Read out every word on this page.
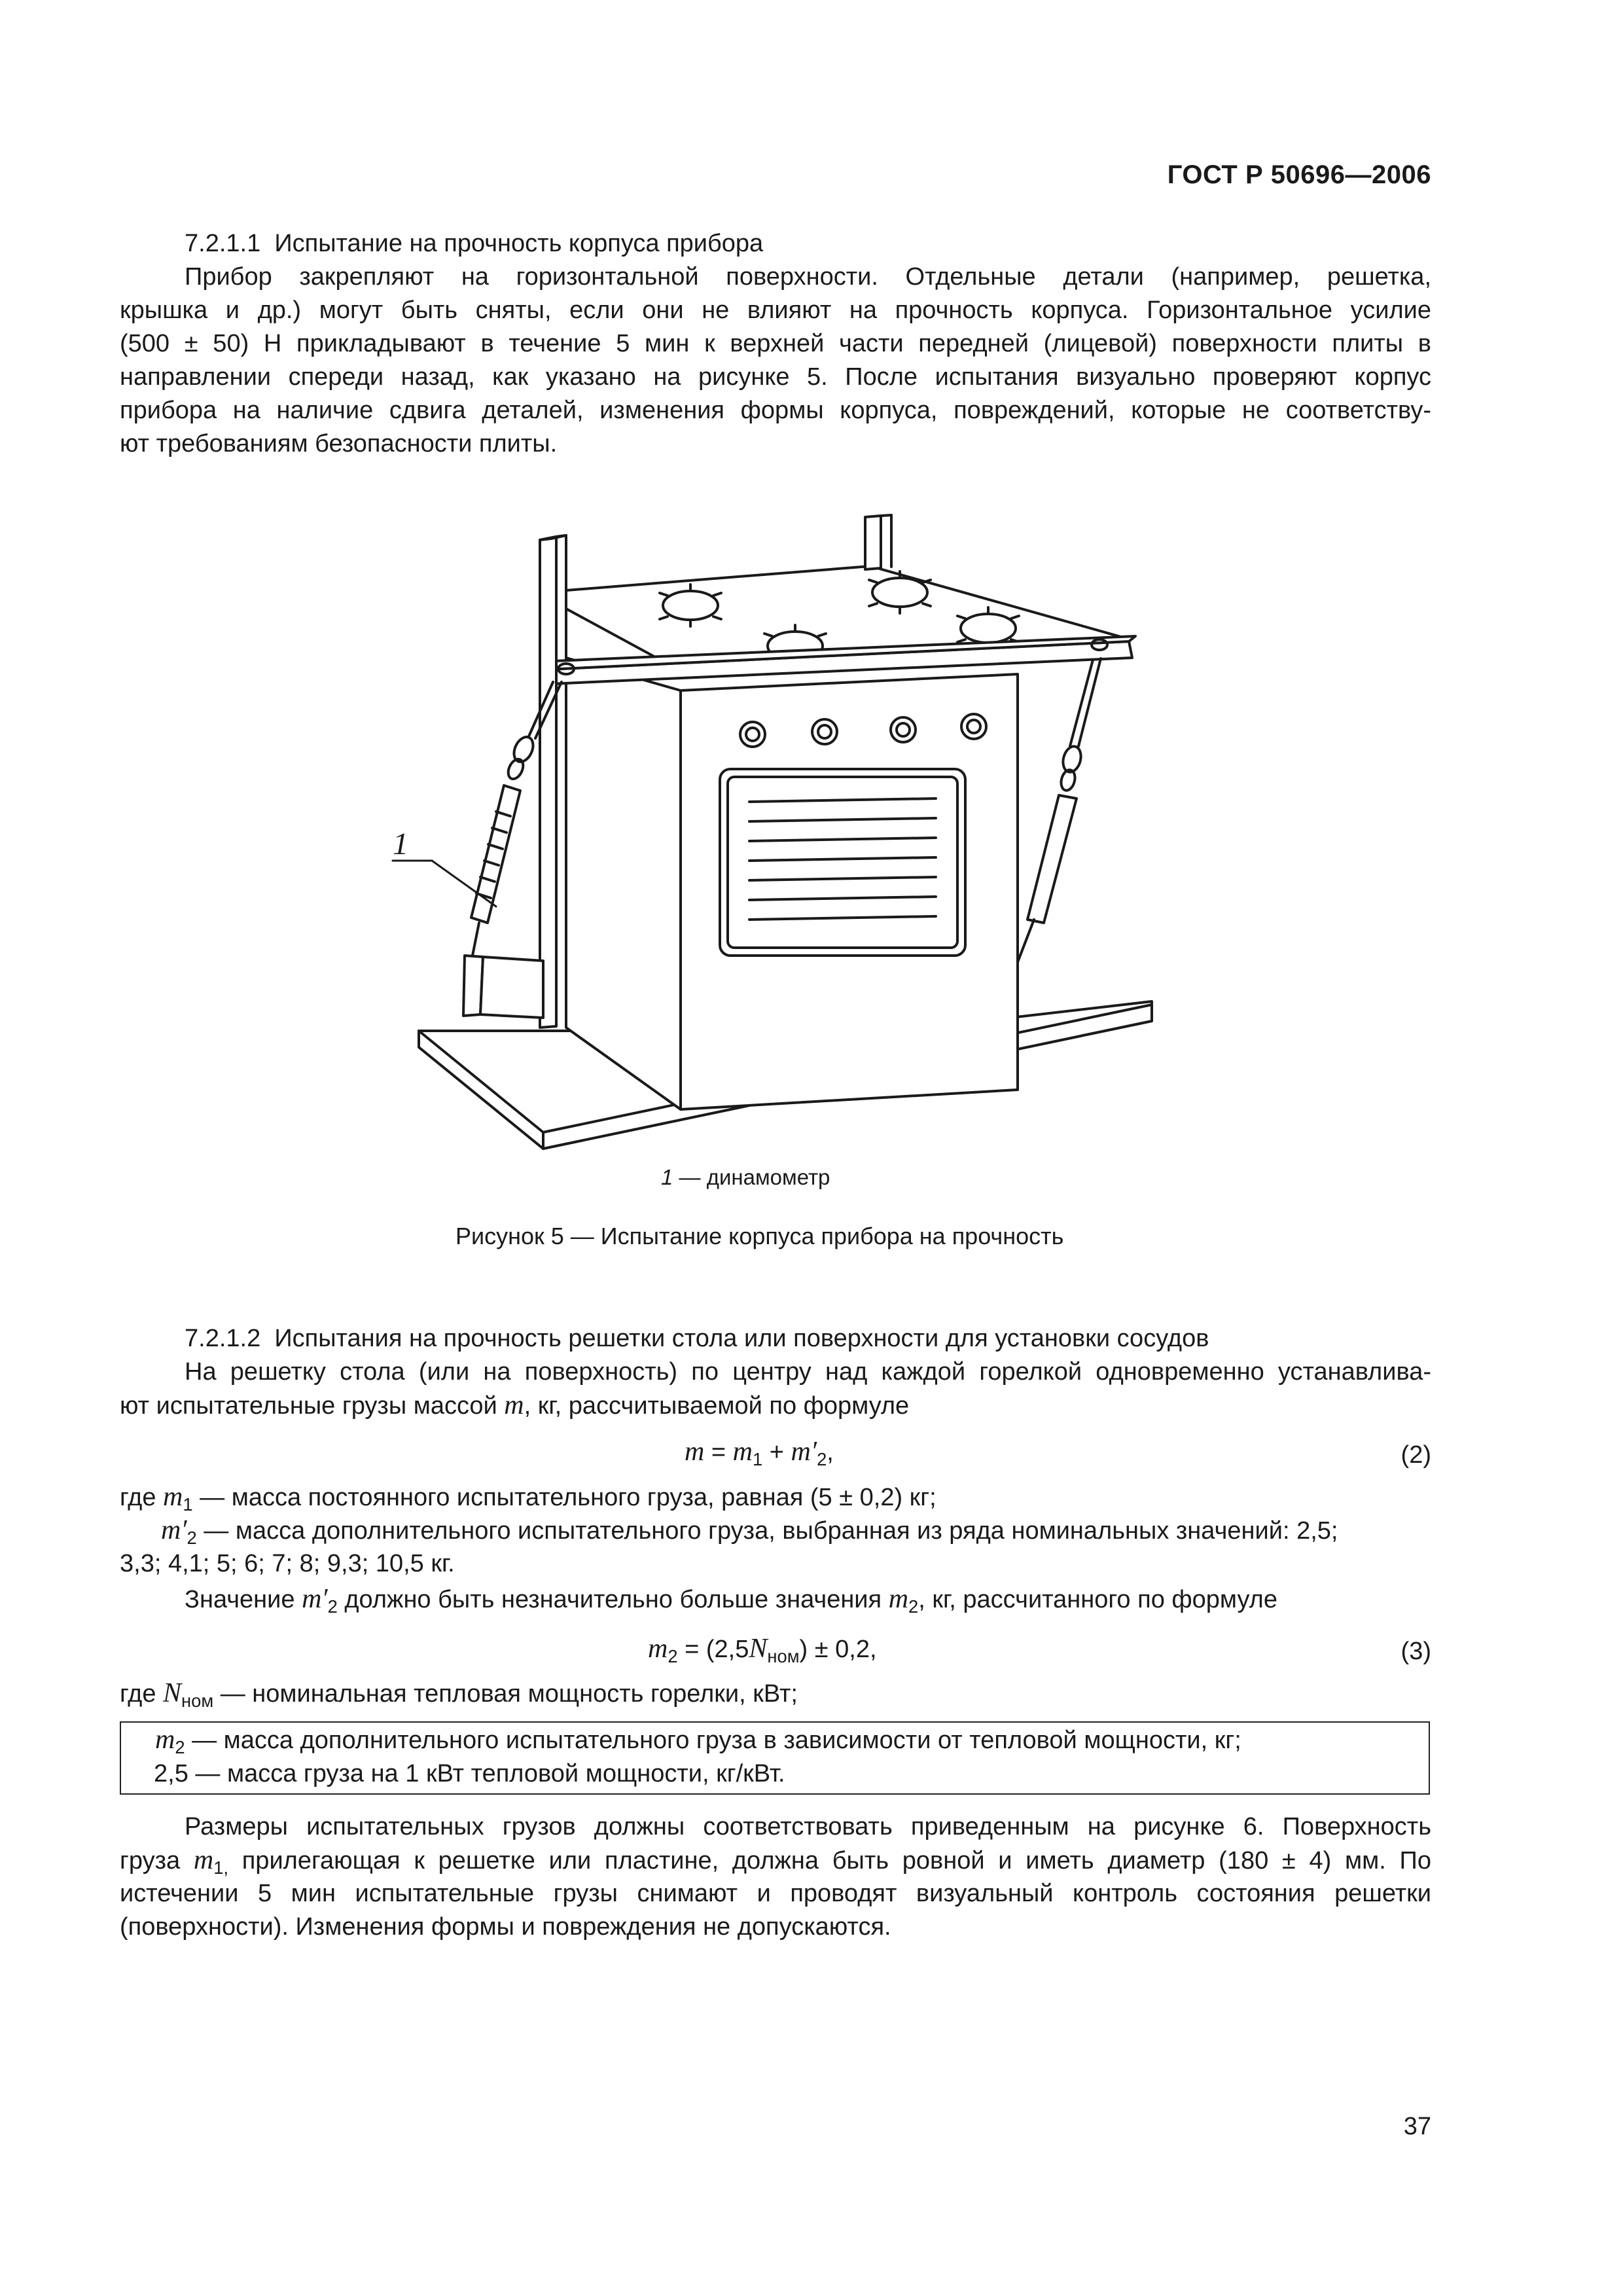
ГОСТ Р 50696—2006
7.2.1.1 Испытание на прочность корпуса прибора
Прибор закрепляют на горизонтальной поверхности. Отдельные детали (например, решетка,
крышка и др.) могут быть сняты, если они не влияют на прочность корпуса. Горизонтальное усилие
(500 ± 50) Н прикладывают в течение 5 мин к верхней части передней (лицевой) поверхности плиты в
направлении спереди назад, как указано на рисунке 5. После испытания визуально проверяют корпус
прибора на наличие сдвига деталей, изменения формы корпуса, повреждений, которые не соответству-
ют требованиям безопасности плиты.
1
1 — динамометр
Рисунок 5 — Испытание корпуса прибора на прочность
7.2.1.2 Испытания на прочность решетки стола или поверхности для установки сосудов
На решетку стола (или на поверхность) по центру над каждой горелкой одновременно устанавлива-
ют испытательные грузы массой m, кг, рассчитываемой по формуле
$m = m_1 + m'_2$,	(2)
где $m_1$ — масса постоянного испытательного груза, равная (5 ± 0,2) кг;
$m'_2$ — масса дополнительного испытательного груза, выбранная из ряда номинальных значений: 2,5;
3,3; 4,1; 5; 6; 7; 8; 9,3; 10,5 кг.
Значение $m'_2$ должно быть незначительно больше значения $m_2$, кг, рассчитанного по формуле
$m_2 = (2,5N_{ном}) \pm 0,2$,	(3)
где $N_{ном}$ — номинальная тепловая мощность горелки, кВт;
$m_2$ — масса дополнительного испытательного груза в зависимости от тепловой мощности, кг;
2,5 — масса груза на 1 кВт тепловой мощности, кг/кВт.
Размеры испытательных грузов должны соответствовать приведенным на рисунке 6. Поверхность
груза $m_{1,}$ прилегающая к решетке или пластине, должна быть ровной и иметь диаметр (180 ± 4) мм. По
истечении 5 мин испытательные грузы снимают и проводят визуальный контроль состояния решетки
(поверхности). Изменения формы и повреждения не допускаются.
37
